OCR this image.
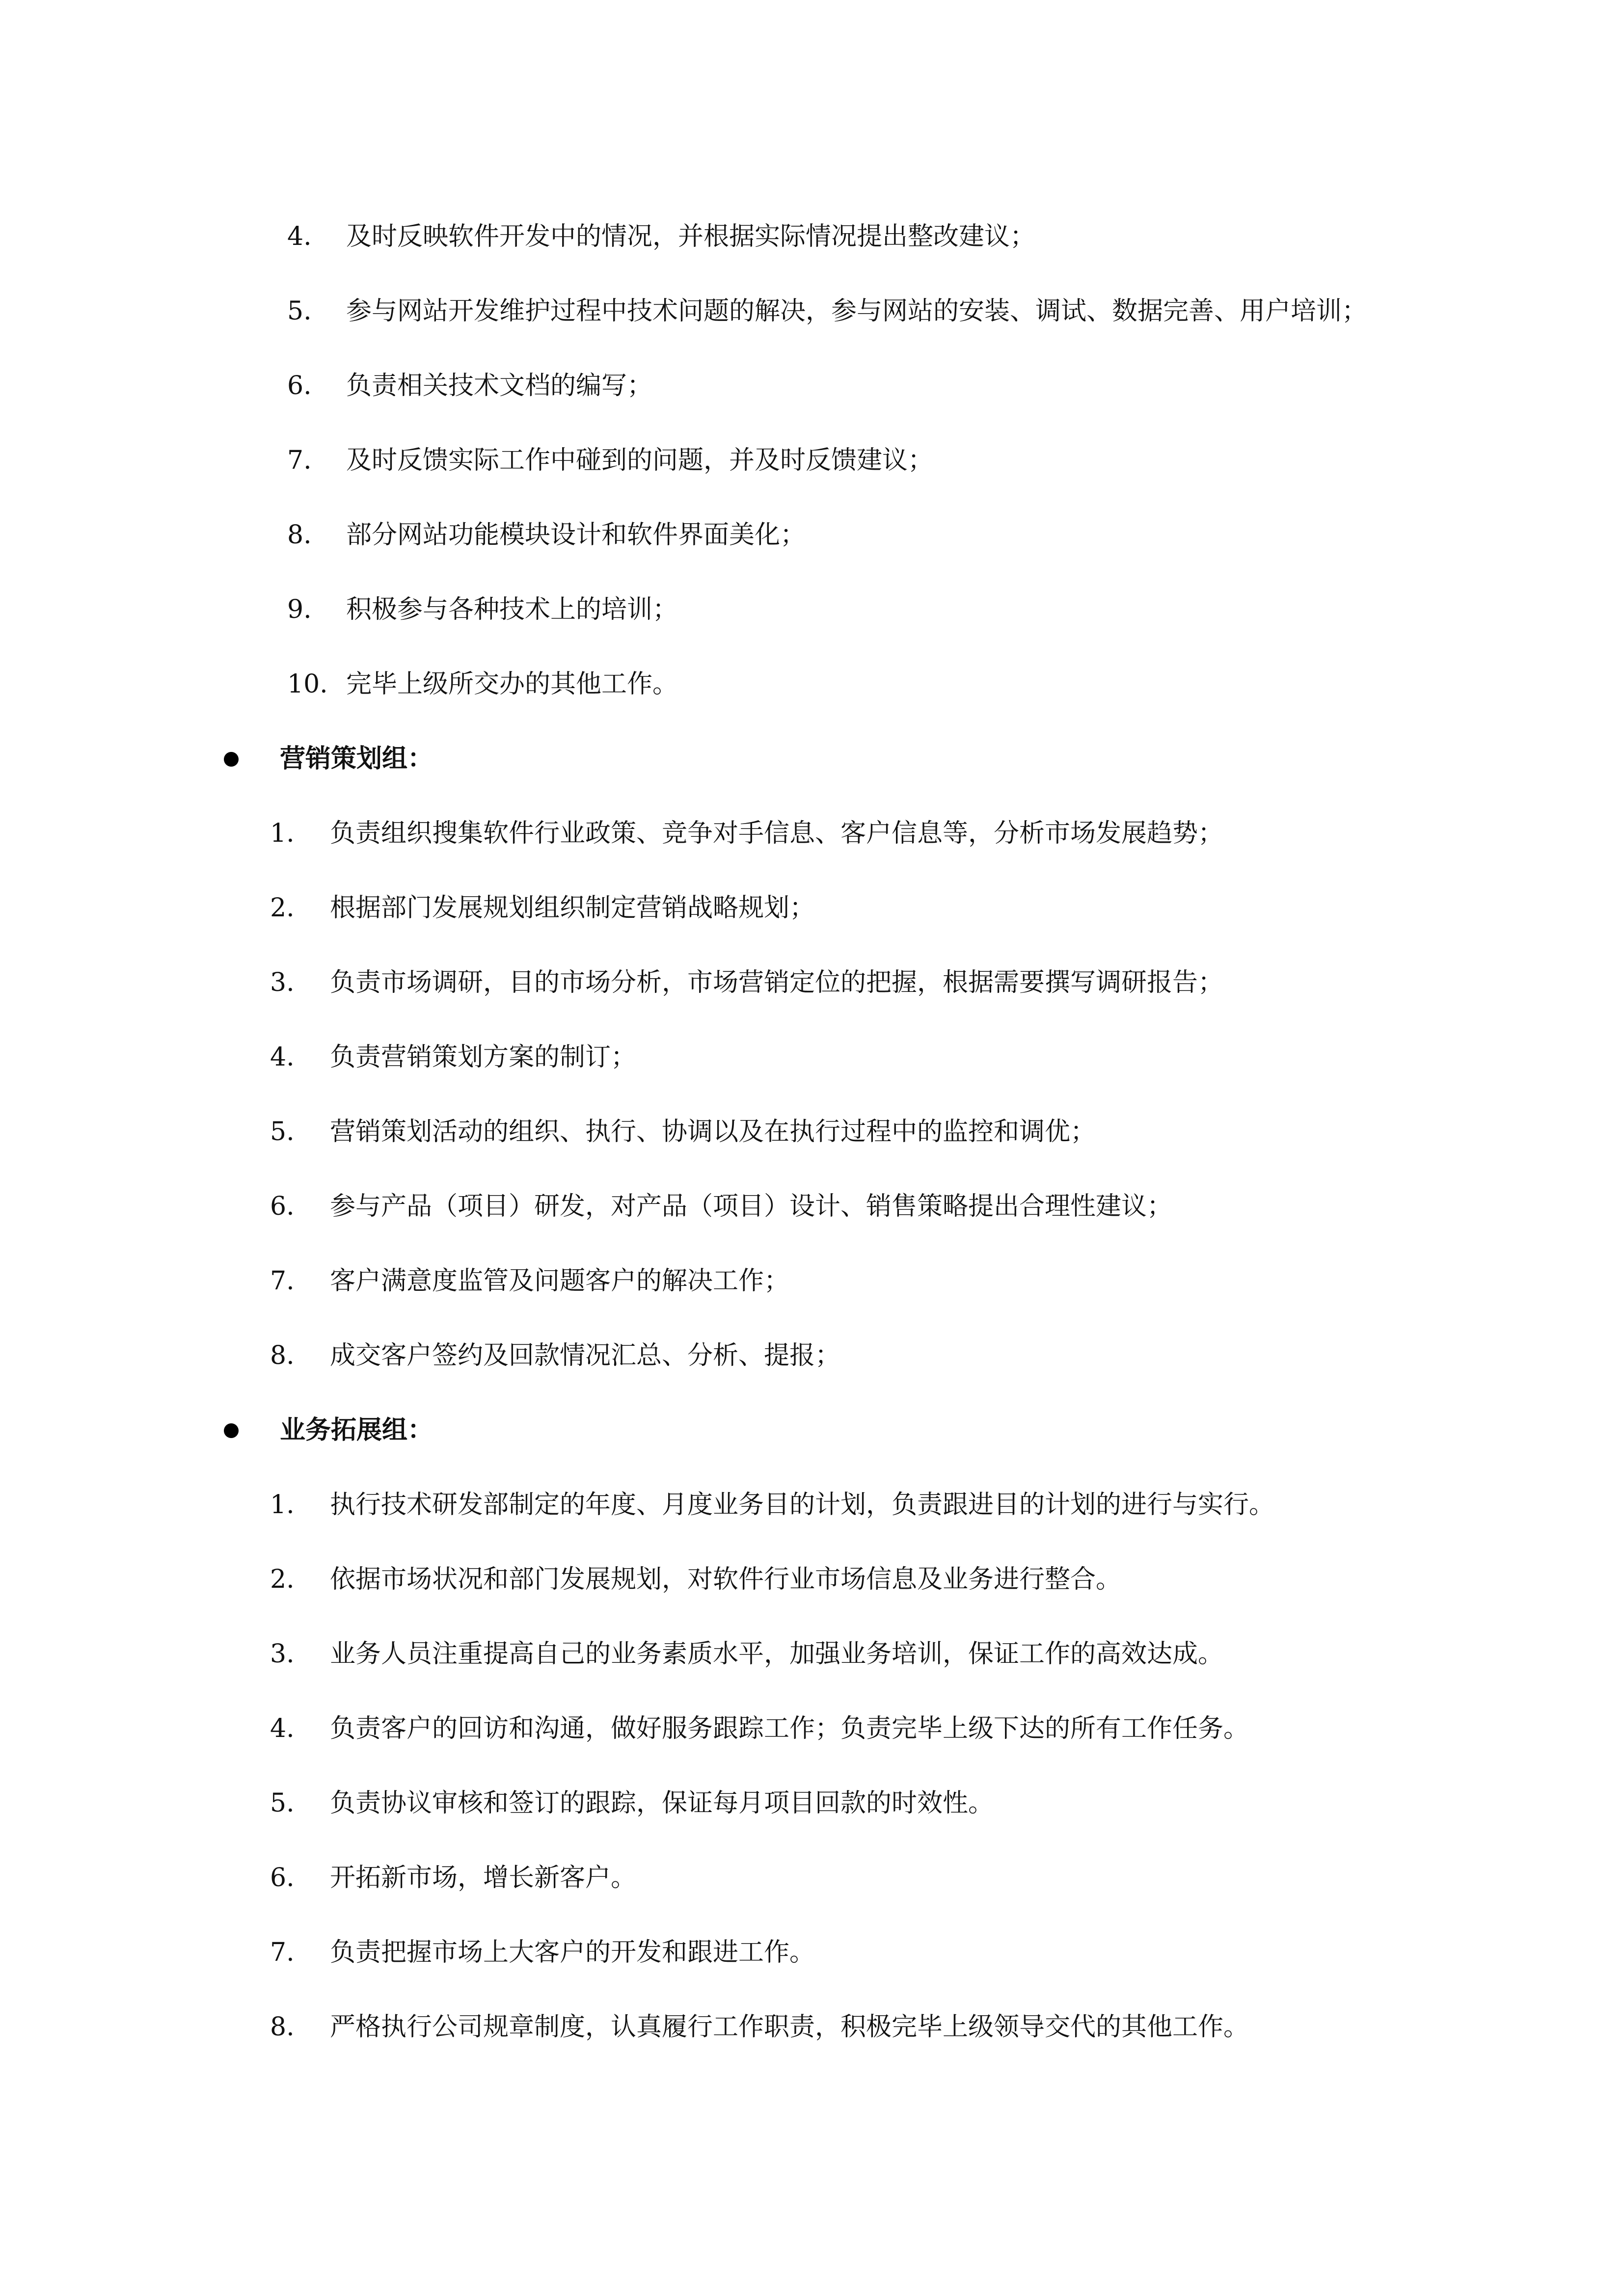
4. 及时反映软件开发中的情况，并根据实际情况提出整改建议；
5. 参与网站开发维护过程中技术问题的解决，参与网站的安装、调试、数据完善、用户培训；
6. 负责相关技术文档的编写；
7. 及时反馈实际工作中碰到的问题，并及时反馈建议；
8. 部分网站功能模块设计和软件界面美化；
9. 积极参与各种技术上的培训；
10. 完毕上级所交办的其他工作。
营销策划组：
1. 负责组织搜集软件行业政策、竞争对手信息、客户信息等，分析市场发展趋势；
2. 根据部门发展规划组织制定营销战略规划；
3. 负责市场调研，目的市场分析，市场营销定位的把握，根据需要撰写调研报告；
4. 负责营销策划方案的制订；
5. 营销策划活动的组织、执行、协调以及在执行过程中的监控和调优；
6. 参与产品（项目）研发，对产品（项目）设计、销售策略提出合理性建议；
7. 客户满意度监管及问题客户的解决工作；
8. 成交客户签约及回款情况汇总、分析、提报；
业务拓展组：
1. 执行技术研发部制定的年度、月度业务目的计划，负责跟进目的计划的进行与实行。
2. 依据市场状况和部门发展规划，对软件行业市场信息及业务进行整合。
3. 业务人员注重提高自己的业务素质水平，加强业务培训，保证工作的高效达成。
4. 负责客户的回访和沟通，做好服务跟踪工作；负责完毕上级下达的所有工作任务。
5. 负责协议审核和签订的跟踪，保证每月项目回款的时效性。
6. 开拓新市场，增长新客户。
7. 负责把握市场上大客户的开发和跟进工作。
8. 严格执行公司规章制度，认真履行工作职责，积极完毕上级领导交代的其他工作。
